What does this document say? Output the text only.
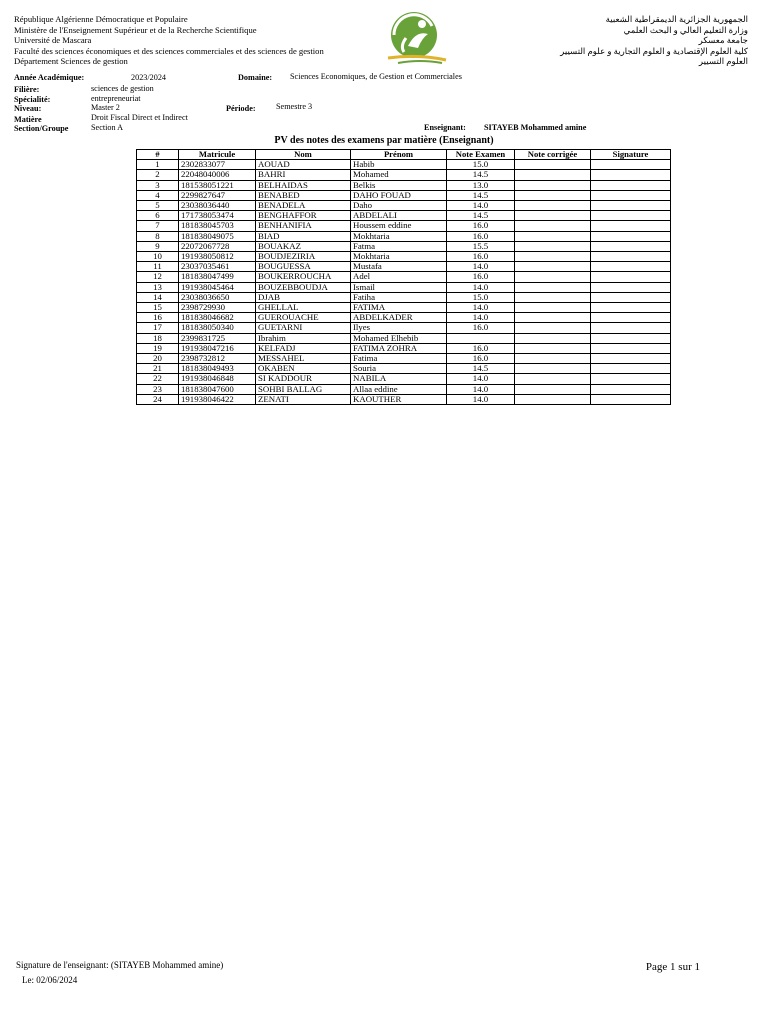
République Algérienne Démocratique et Populaire
Ministère de l'Enseignement Supérieur et de la Recherche Scientifique
Université de Mascara
Faculté des sciences économiques et des sciences commerciales et des sciences de gestion
Département Sciences de gestion
الجمهورية الجزائرية الديمقراطية الشعبية
وزارة التعليم العالي و البحث العلمي
جامعة معسكر
كلية العلوم الإقتصادية و العلوم التجارية و علوم التسيير
العلوم التسيير
Année Académique:	2023/2024	Domaine: Sciences Economiques, de Gestion et Commerciales
Filière:	sciences de gestion
Spécialité:	entrepreneuriat
Niveau:	Master 2	Période: Semestre 3
Matière	Droit Fiscal Direct et Indirect
Section/Groupe	Section A	Enseignant: SITAYEB Mohammed amine
PV des notes des examens par matière (Enseignant)
#	Matricule	Nom	Prénom	Note Examen	Note corrigée	Signature
1	2302833077	AOUAD	Habib	15.0		
2	22048040006	BAHRI	Mohamed	14.5		
3	181538051221	BELHAIDAS	Belkis	13.0		
4	2299827647	BENABED	DAHO FOUAD	14.5		
5	23038036440	BENADELA	Daho	14.0		
6	171738053474	BENGHAFFOR	ABDELALI	14.5		
7	181838045703	BENHANIFIA	Houssem eddine	16.0		
8	181838049075	BIAD	Mokhtaria	16.0		
9	22072067728	BOUAKAZ	Fatma	15.5		
10	191938050812	BOUDJEZIRIA	Mokhtaria	16.0		
11	23037035461	BOUGUESSA	Mustafa	14.0		
12	181838047499	BOUKERROUCHA	Adel	16.0		
13	191938045464	BOUZEBBOUDJA	Ismail	14.0		
14	23038036650	DJAB	Fatiha	15.0		
15	2398729930	GHELLAL	FATIMA	14.0		
16	181838046682	GUEROUACHE	ABDELKADER	14.0		
17	181838050340	GUETARNI	Ilyes	16.0		
18	2399831725	Ibrahim	Mohamed Elhebib			
19	191938047216	KELFADJ	FATIMA ZOHRA	16.0		
20	2398732812	MESSAHEL	Fatima	16.0		
21	181838049493	OKABEN	Souria	14.5		
22	191938046848	SI KADDOUR	NABILA	14.0		
23	181838047600	SOHBI BALLAG	Allaa eddine	14.0		
24	191938046422	ZENATI	KAOUTHER	14.0		
Signature de l'enseignant: (SITAYEB Mohammed amine)
Le: 02/06/2024
Page 1 sur 1
